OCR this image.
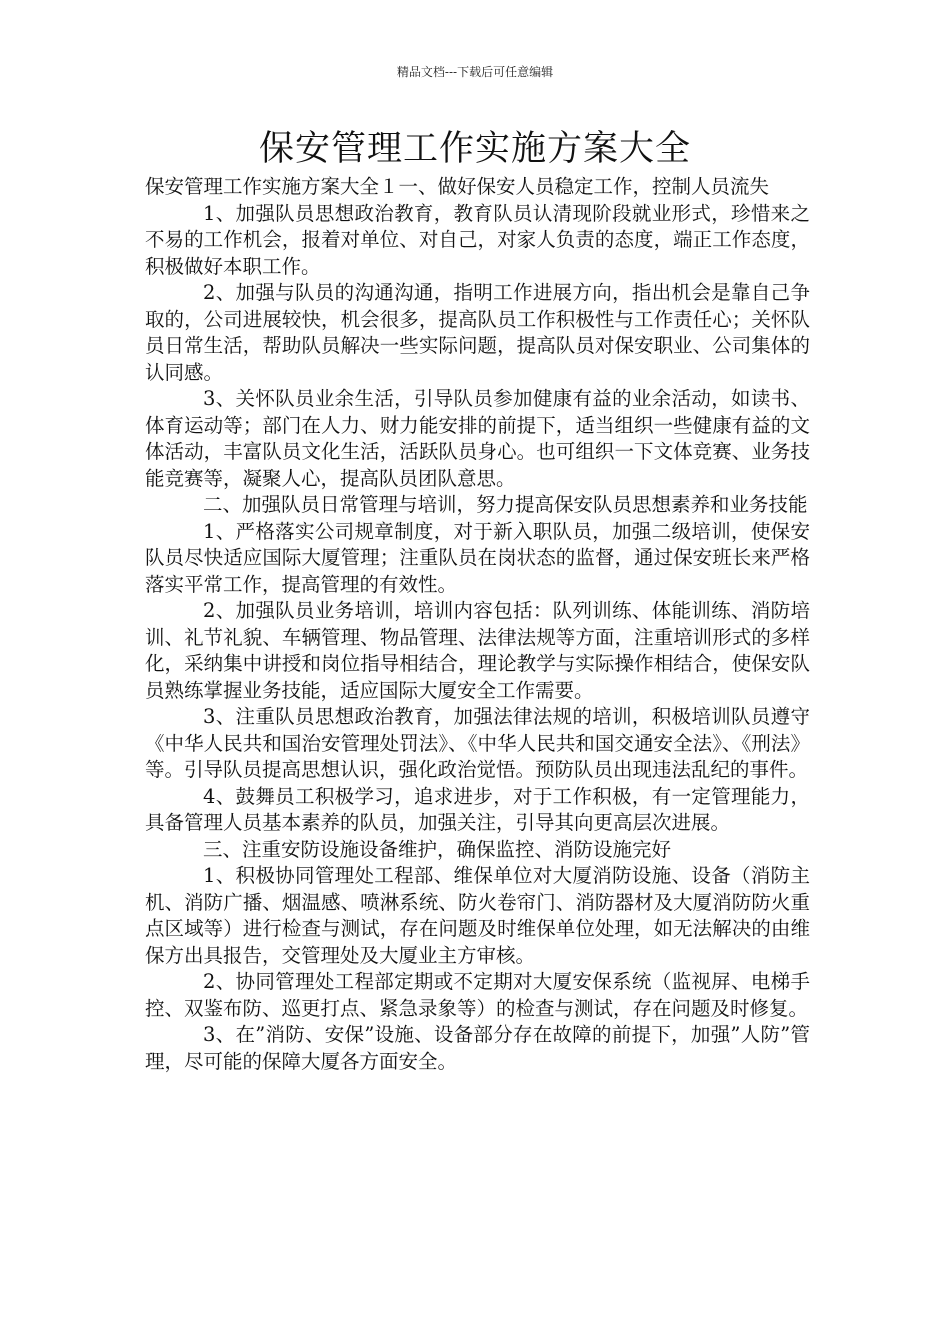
精品文档---下载后可任意编辑
保安管理工作实施方案大全

保安管理工作实施方案大全１一、做好保安人员稳定工作，控制人员流失

1、加强队员思想政治教育，教育队员认清现阶段就业形式，珍惜来之不易的工作机会，报着对单位、对自己，对家人负责的态度，端正工作态度，积极做好本职工作。

2、加强与队员的沟通沟通，指明工作进展方向，指出机会是靠自己争取的，公司进展较快，机会很多，提高队员工作积极性与工作责任心；关怀队员日常生活，帮助队员解决一些实际问题，提高队员对保安职业、公司集体的认同感。

3、关怀队员业余生活，引导队员参加健康有益的业余活动，如读书、体育运动等；部门在人力、财力能安排的前提下，适当组织一些健康有益的文体活动，丰富队员文化生活，活跃队员身心。也可组织一下文体竞赛、业务技能竞赛等，凝聚人心，提高队员团队意思。

二、加强队员日常管理与培训，努力提高保安队员思想素养和业务技能

1、严格落实公司规章制度，对于新入职队员，加强二级培训，使保安队员尽快适应国际大厦管理；注重队员在岗状态的监督，通过保安班长来严格落实平常工作，提高管理的有效性。

2、加强队员业务培训，培训内容包括：队列训练、体能训练、消防培训、礼节礼貌、车辆管理、物品管理、法律法规等方面，注重培训形式的多样化，采纳集中讲授和岗位指导相结合，理论教学与实际操作相结合，使保安队员熟练掌握业务技能，适应国际大厦安全工作需要。

3、注重队员思想政治教育，加强法律法规的培训，积极培训队员遵守《中华人民共和国治安管理处罚法》、《中华人民共和国交通安全法》、《刑法》等。引导队员提高思想认识，强化政治觉悟。预防队员出现违法乱纪的事件。

4、鼓舞员工积极学习，追求进步，对于工作积极，有一定管理能力，具备管理人员基本素养的队员，加强关注，引导其向更高层次进展。

三、注重安防设施设备维护，确保监控、消防设施完好

1、积极协同管理处工程部、维保单位对大厦消防设施、设备（消防主机、消防广播、烟温感、喷淋系统、防火卷帘门、消防器材及大厦消防防火重点区域等）进行检查与测试，存在问题及时维保单位处理，如无法解决的由维保方出具报告，交管理处及大厦业主方审核。

2、协同管理处工程部定期或不定期对大厦安保系统（监视屏、电梯手控、双鉴布防、巡更打点、紧急录象等）的检查与测试，存在问题及时修复。

3、在”消防、安保”设施、设备部分存在故障的前提下，加强”人防”管理，尽可能的保障大厦各方面安全。
